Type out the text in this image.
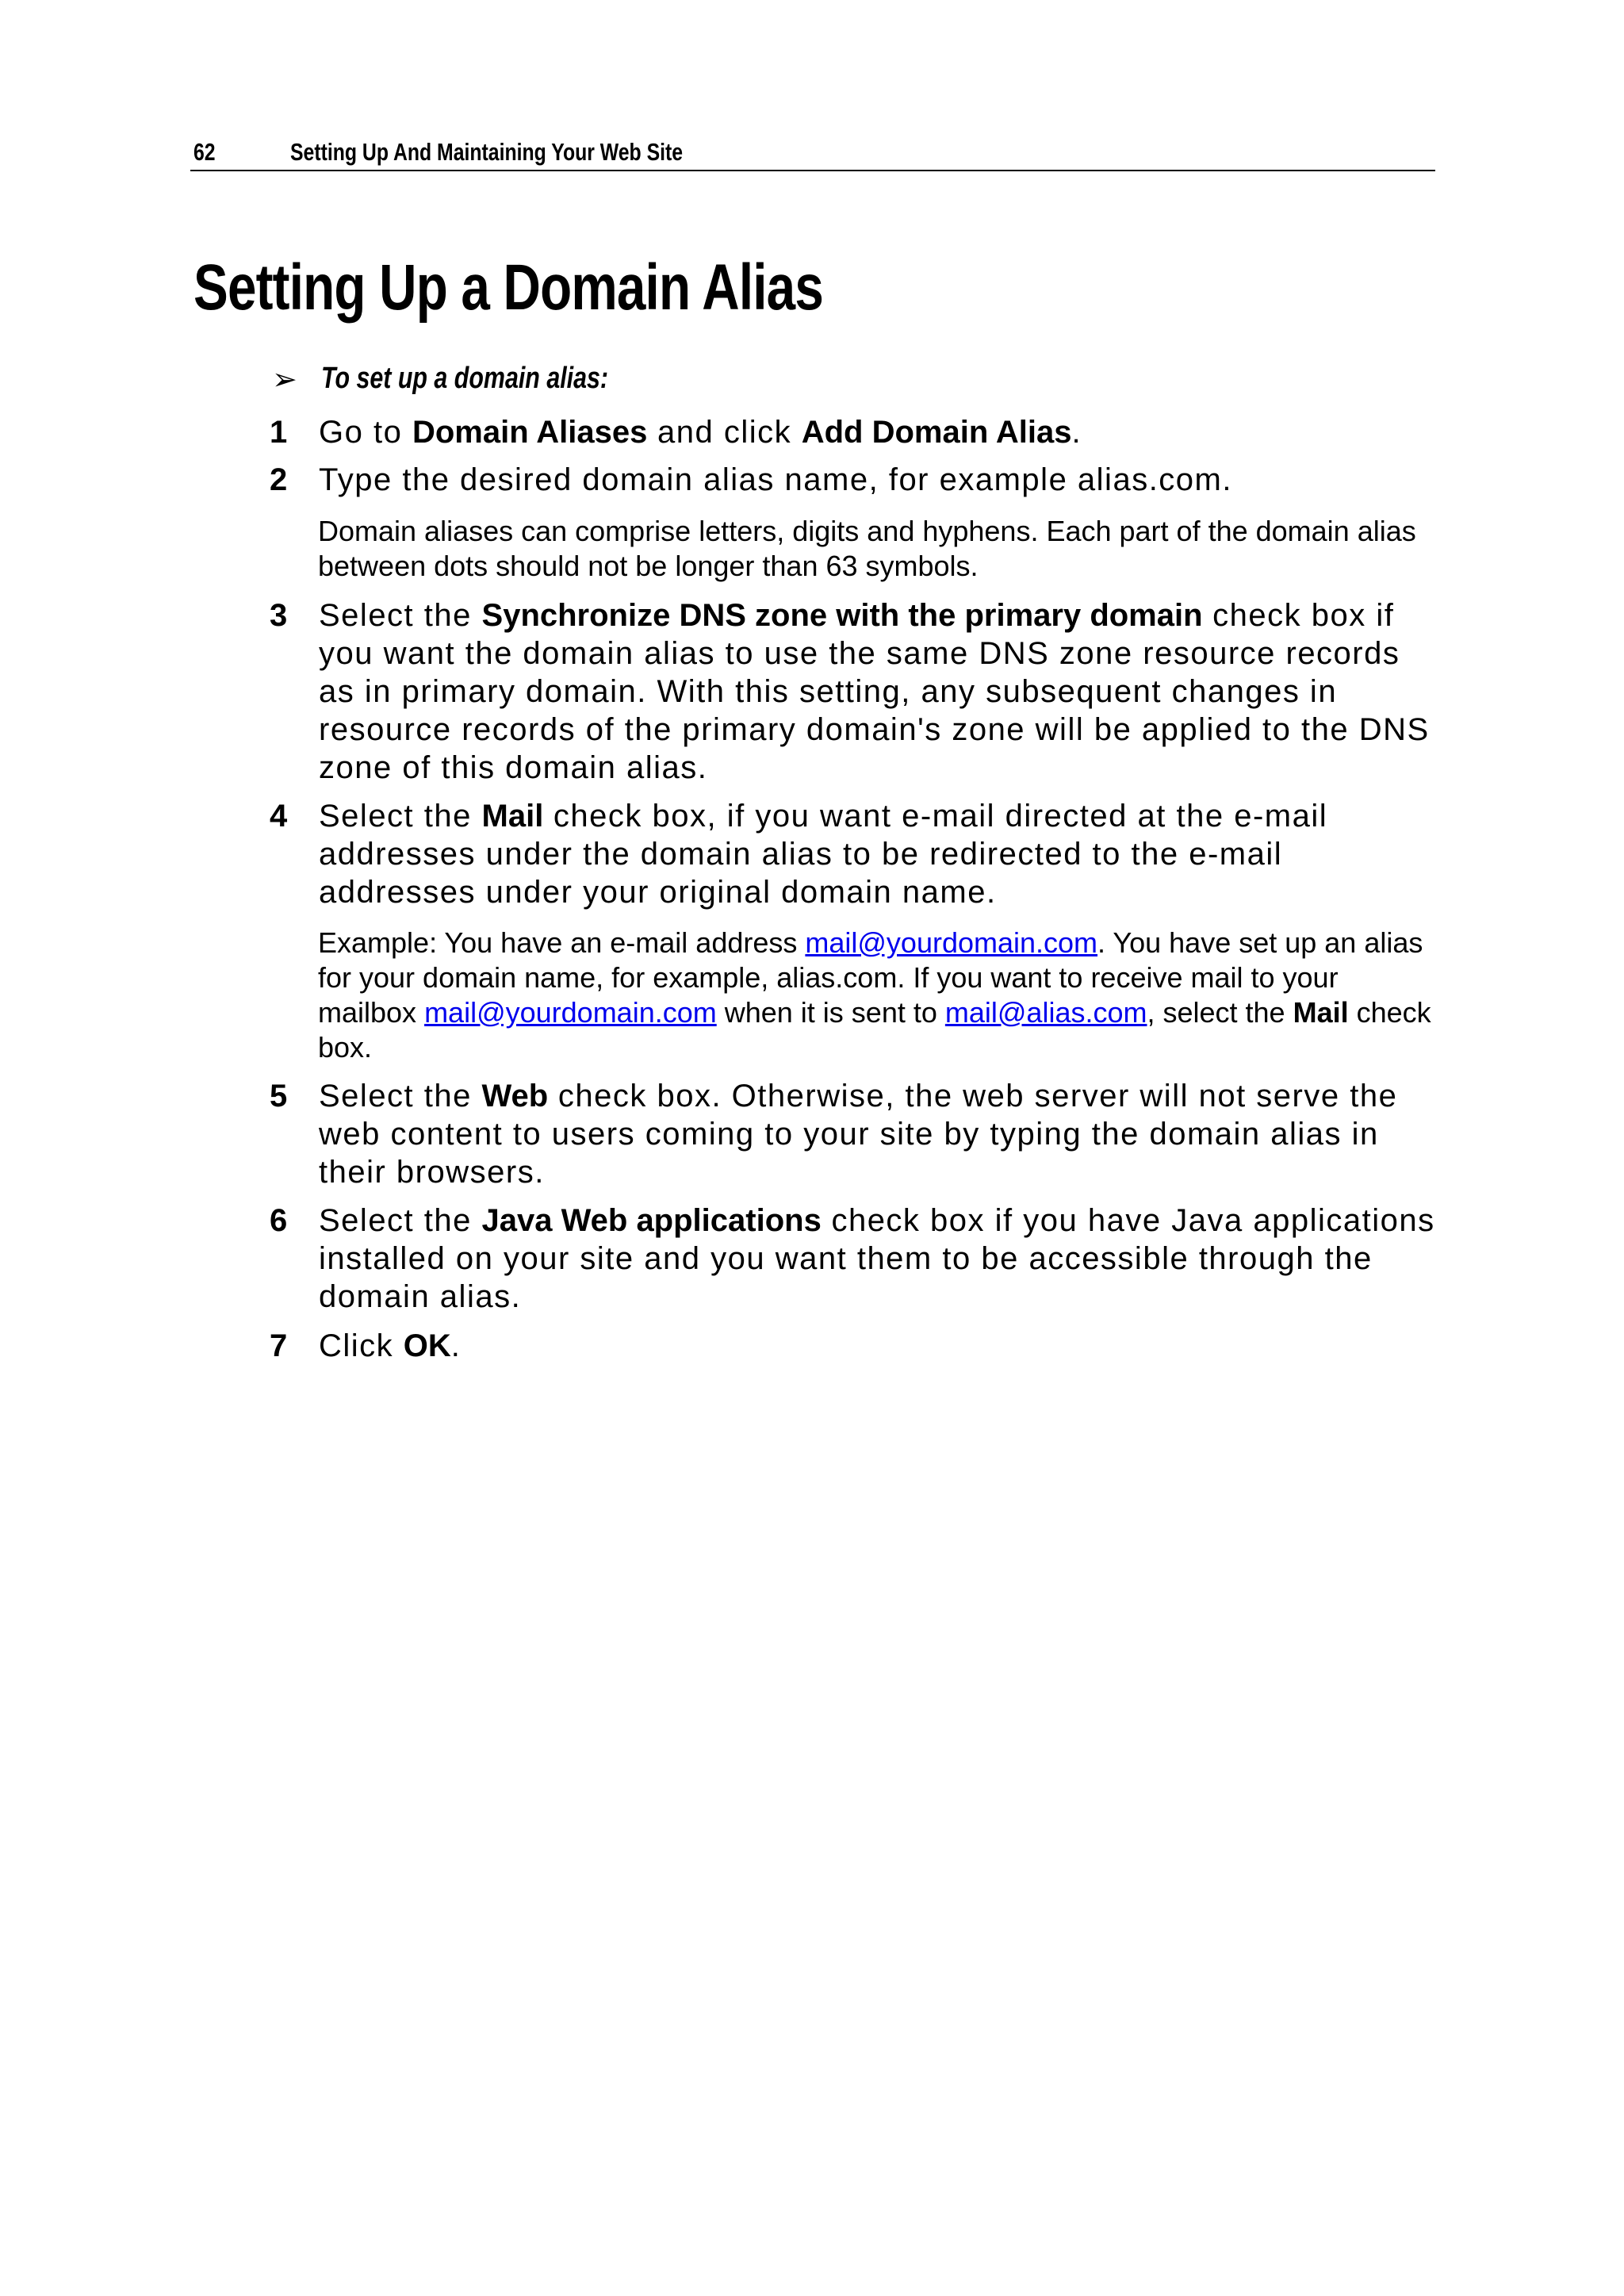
62	Setting Up And Maintaining Your Web Site
Setting Up a Domain Alias
➢ To set up a domain alias:
1 Go to Domain Aliases and click Add Domain Alias.
2 Type the desired domain alias name, for example alias.com.
Domain aliases can comprise letters, digits and hyphens. Each part of the domain alias between dots should not be longer than 63 symbols.
3 Select the Synchronize DNS zone with the primary domain check box if you want the domain alias to use the same DNS zone resource records as in primary domain. With this setting, any subsequent changes in resource records of the primary domain's zone will be applied to the DNS zone of this domain alias.
4 Select the Mail check box, if you want e-mail directed at the e-mail addresses under the domain alias to be redirected to the e-mail addresses under your original domain name.
Example: You have an e-mail address mail@yourdomain.com. You have set up an alias for your domain name, for example, alias.com. If you want to receive mail to your mailbox mail@yourdomain.com when it is sent to mail@alias.com, select the Mail check box.
5 Select the Web check box. Otherwise, the web server will not serve the web content to users coming to your site by typing the domain alias in their browsers.
6 Select the Java Web applications check box if you have Java applications installed on your site and you want them to be accessible through the domain alias.
7 Click OK.
